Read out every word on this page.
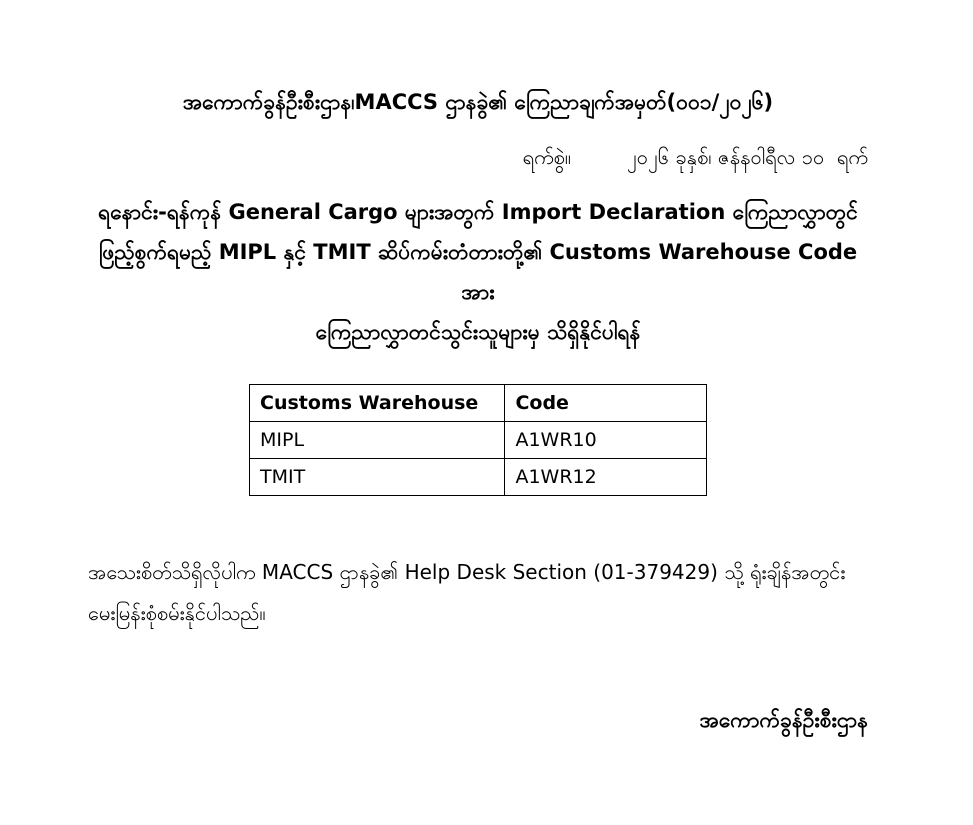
အကောက်ခွန်ဦးစီးဌာန၊MACCS ဌာနခွဲ၏ ကြေညာချက်အမှတ်(၀၀၁/၂၀၂၆)
ရက်စွဲ။	၂၀၂၆ ခုနှစ်၊ ဇန်နဝါရီလ ၁၀  ရက်
ရနောင်း-ရန်ကုန် General Cargo များအတွက် Import Declaration ကြေညာလွှာတွင်
ဖြည့်စွက်ရမည့် MIPL နှင့် TMIT ဆိပ်ကမ်းတံတားတို့၏ Customs Warehouse Code အား
ကြေညာလွှာတင်သွင်းသူများမှ သိရှိနိုင်ပါရန်
Customs Warehouse	Code
MIPL	A1WR10
TMIT	A1WR12

အသေးစိတ်သိရှိလိုပါက MACCS ဌာနခွဲ၏ Help Desk Section (01-379429) သို့ ရုံးချိန်အတွင်း မေးမြန်းစုံစမ်းနိုင်ပါသည်။

အကောက်ခွန်ဦးစီးဌာန
